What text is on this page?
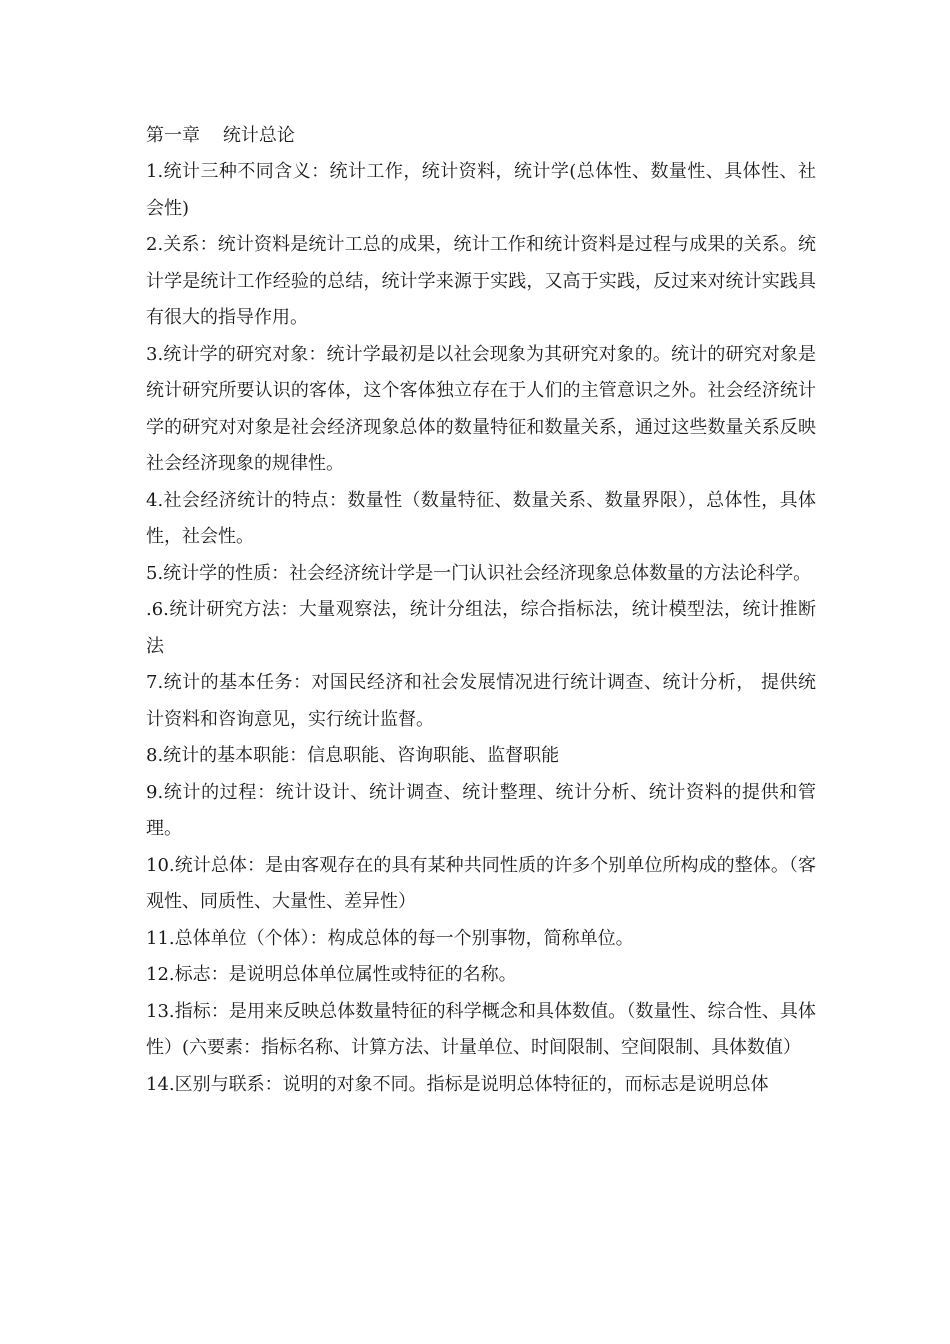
第一章    统计总论

1.统计三种不同含义：统计工作，统计资料，统计学(总体性、数量性、具体性、社会性)

2.关系：统计资料是统计工总的成果，统计工作和统计资料是过程与成果的关系。统计学是统计工作经验的总结，统计学来源于实践，又高于实践，反过来对统计实践具有很大的指导作用。

3.统计学的研究对象：统计学最初是以社会现象为其研究对象的。统计的研究对象是统计研究所要认识的客体，这个客体独立存在于人们的主管意识之外。社会经济统计学的研究对对象是社会经济现象总体的数量特征和数量关系，通过这些数量关系反映社会经济现象的规律性。

4.社会经济统计的特点：数量性（数量特征、数量关系、数量界限），总体性，具体性，社会性。

5.统计学的性质：社会经济统计学是一门认识社会经济现象总体数量的方法论科学。

.6.统计研究方法：大量观察法，统计分组法，综合指标法，统计模型法，统计推断法

7.统计的基本任务：对国民经济和社会发展情况进行统计调查、统计分析， 提供统计资料和咨询意见，实行统计监督。

8.统计的基本职能：信息职能、咨询职能、监督职能

9.统计的过程：统计设计、统计调查、统计整理、统计分析、统计资料的提供和管理。

10.统计总体：是由客观存在的具有某种共同性质的许多个别单位所构成的整体。（客观性、同质性、大量性、差异性）

11.总体单位（个体）：构成总体的每一个别事物，简称单位。

12.标志：是说明总体单位属性或特征的名称。

13.指标：是用来反映总体数量特征的科学概念和具体数值。（数量性、综合性、具体性）(六要素：指标名称、计算方法、计量单位、时间限制、空间限制、具体数值）

14.区别与联系：说明的对象不同。指标是说明总体特征的，而标志是说明总体
